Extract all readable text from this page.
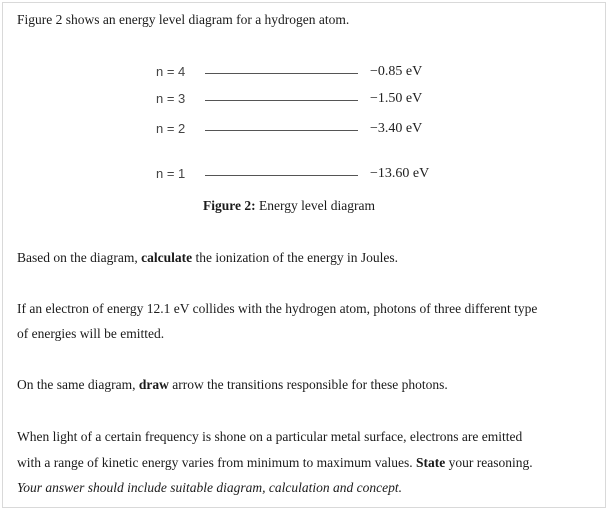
Figure 2 shows an energy level diagram for a hydrogen atom.
n = 4	−0.85 eV
n = 3	−1.50 eV
n = 2	−3.40 eV
n = 1	−13.60 eV
Figure 2: Energy level diagram
Based on the diagram, calculate the ionization of the energy in Joules.
If an electron of energy 12.1 eV collides with the hydrogen atom, photons of three different type
of energies will be emitted.
On the same diagram, draw arrow the transitions responsible for these photons.
When light of a certain frequency is shone on a particular metal surface, electrons are emitted
with a range of kinetic energy varies from minimum to maximum values. State your reasoning.
Your answer should include suitable diagram, calculation and concept.
